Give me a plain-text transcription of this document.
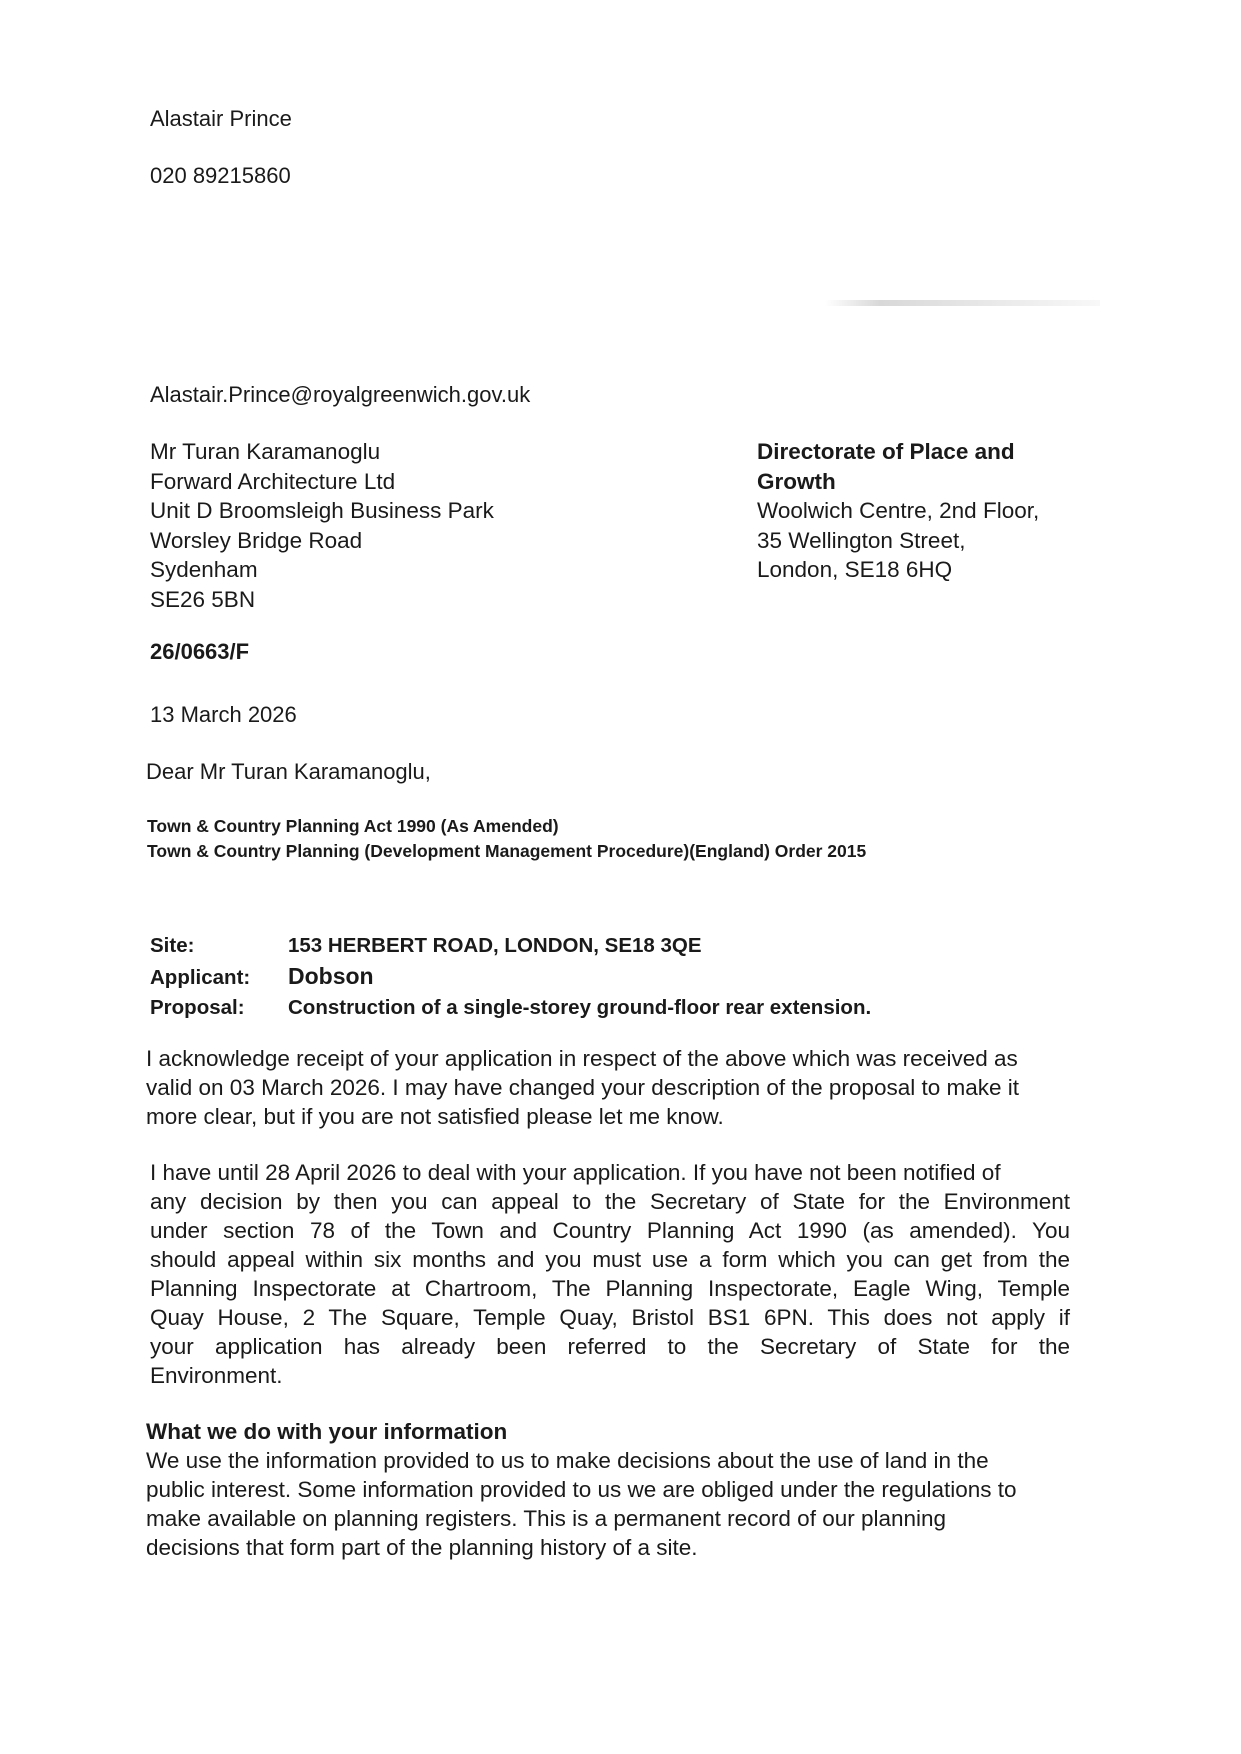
Alastair Prince

020 89215860

Alastair.Prince@royalgreenwich.gov.uk

Mr Turan Karamanoglu
Forward Architecture Ltd
Unit D Broomsleigh Business Park
Worsley Bridge Road
Sydenham
SE26 5BN
Directorate of Place and
Growth
Woolwich Centre, 2nd Floor,
35 Wellington Street,
London, SE18 6HQ

26/0663/F

13 March 2026

Dear Mr Turan Karamanoglu,

Town & Country Planning Act 1990 (As Amended)
Town & Country Planning (Development Management Procedure)(England) Order 2015
Site:	153 HERBERT ROAD, LONDON, SE18 3QE
Applicant:	Dobson
Proposal:	Construction of a single-storey ground-floor rear extension.
I acknowledge receipt of your application in respect of the above which was received as
valid on 03 March 2026. I may have changed your description of the proposal to make it
more clear, but if you are not satisfied please let me know.
I have until 28 April 2026 to deal with your application. If you have not been notified of
any decision by then you can appeal to the Secretary of State for the Environment
under section 78 of the Town and Country Planning Act 1990 (as amended). You
should appeal within six months and you must use a form which you can get from the
Planning Inspectorate at Chartroom, The Planning Inspectorate, Eagle Wing, Temple
Quay House, 2 The Square, Temple Quay, Bristol BS1 6PN. This does not apply if
your application has already been referred to the Secretary of State for the
Environment.

What we do with your information

We use the information provided to us to make decisions about the use of land in the
public interest. Some information provided to us we are obliged under the regulations to
make available on planning registers. This is a permanent record of our planning
decisions that form part of the planning history of a site.
